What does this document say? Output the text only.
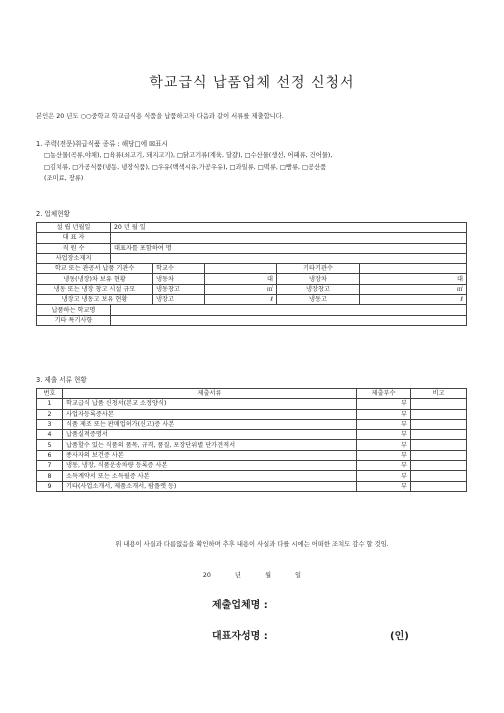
학교급식 납품업체 선정 신청서
본인은 20 년도 ○○중학교 학교급식용 식품을 납품하고자 다음과 같이 서류를 제출합니다.
1. 주력(전문)취급식품 종류 : 해당□에 ☒표시
□농산물(곡류,야채), □육류(쇠고기, 돼지고기), □닭고기류(계육, 달걀), □수산물(생선, 어패류, 건어물),
□김치류, □가공식품(냉동, 냉장식품), □우유(백색시유,가공우유), □과일류, □떡류, □빵류, □공산품
(조미료, 장류)
2. 업체현황
설 립 년월일	20 년 월 일				
대 표 자					
직 원 수	대표자를 포함하여 명				
사업장소재지					
학교 또는 관공서 납품 기관수		학교수		기타기관수	
냉동(냉장)차 보유 현황		냉동차	대	냉장차	대
냉동 또는 냉장 창고 시설 규모		냉동창고	㎡	냉장창고	㎡
냉장고 냉동고 보유 현황		냉장고	ℓ	냉동고	ℓ
납품하는 학교명					
기타 특기사항					
3. 제출 서류 현황
번호	제출서류	제출부수	비고
1	학교급식 납품 신청서(본교 소정양식)	부	
2	사업자등록증사본	부	
3	식품 제조 또는 판매업허가(신고)증 사본	부	
4	납품실적증명서	부	
5	납품할수 있는 식품의 품목, 규격, 품질, 포장단위별 단가견적서	부	
6	종사자의 보건증 사본	부	
7	냉동, 냉장, 식품운송차량 등록증 사본	부	
8	소득계약서 또는 소득필증 사본	부	
9	기타(사업소개서, 제품소개서, 팜플렛 등)	부	
위 내용이 사실과 다름없음을 확인하며 추후 내용이 사실과 다를 시에는 어떠한 조치도 감수 할 것임.
20 년 월 일
제출업체명 :
대표자성명 :	(인)
